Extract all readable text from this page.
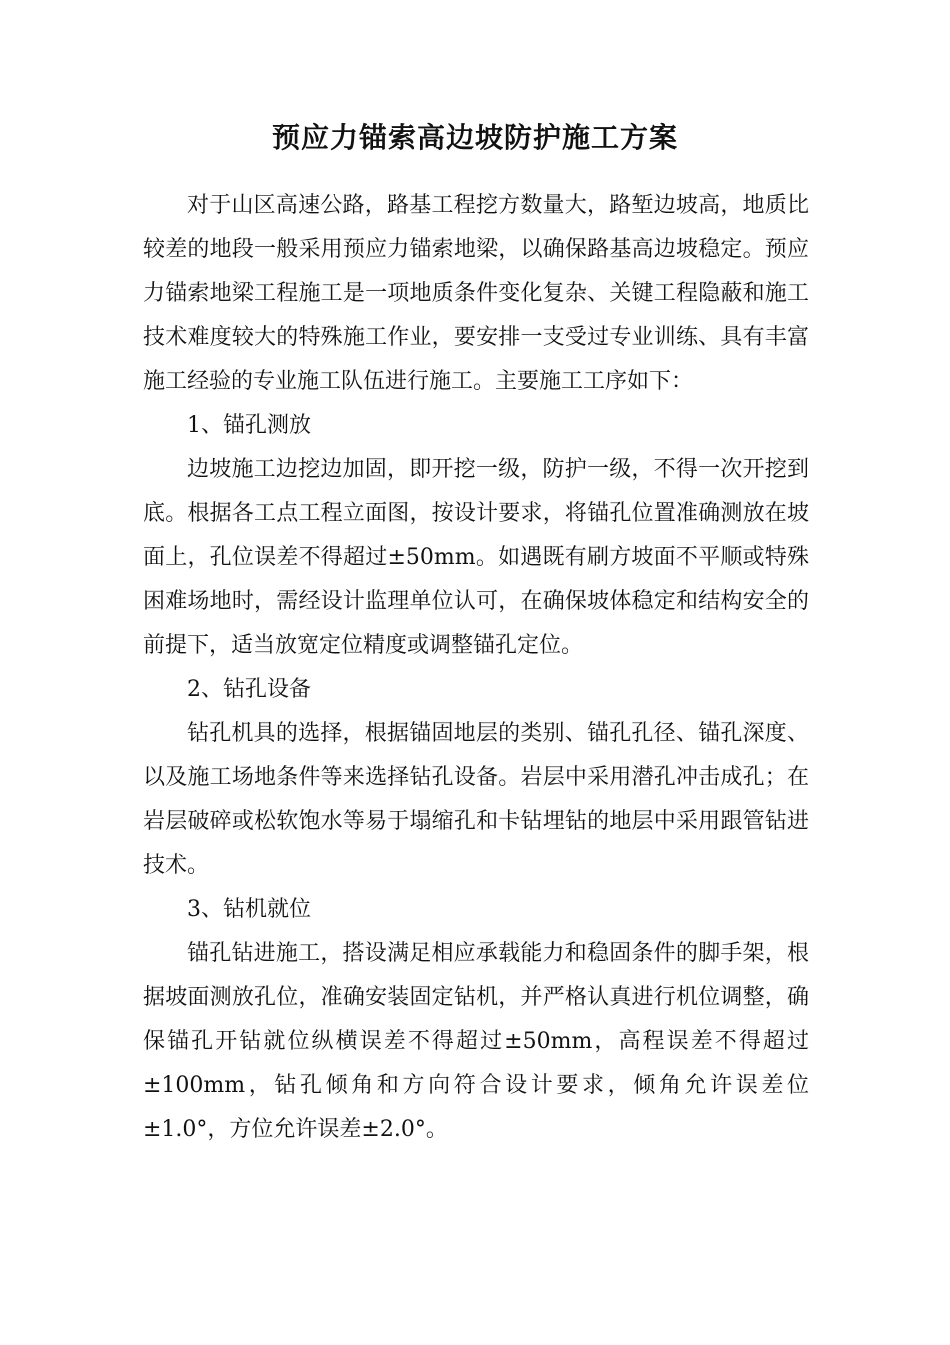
预应力锚索高边坡防护施工方案

对于山区高速公路，路基工程挖方数量大，路堑边坡高，地质比较差的地段一般采用预应力锚索地梁，以确保路基高边坡稳定。预应力锚索地梁工程施工是一项地质条件变化复杂、关键工程隐蔽和施工技术难度较大的特殊施工作业，要安排一支受过专业训练、具有丰富施工经验的专业施工队伍进行施工。主要施工工序如下：

1、锚孔测放

边坡施工边挖边加固，即开挖一级，防护一级，不得一次开挖到底。根据各工点工程立面图，按设计要求，将锚孔位置准确测放在坡面上，孔位误差不得超过±50mm。如遇既有刷方坡面不平顺或特殊困难场地时，需经设计监理单位认可，在确保坡体稳定和结构安全的前提下，适当放宽定位精度或调整锚孔定位。

2、钻孔设备

钻孔机具的选择，根据锚固地层的类别、锚孔孔径、锚孔深度、以及施工场地条件等来选择钻孔设备。岩层中采用潜孔冲击成孔；在岩层破碎或松软饱水等易于塌缩孔和卡钻埋钻的地层中采用跟管钻进技术。

3、钻机就位

锚孔钻进施工，搭设满足相应承载能力和稳固条件的脚手架，根据坡面测放孔位，准确安装固定钻机，并严格认真进行机位调整，确保锚孔开钻就位纵横误差不得超过±50mm，高程误差不得超过±100mm，钻孔倾角和方向符合设计要求，倾角允许误差位±1.0°，方位允许误差±2.0°。
